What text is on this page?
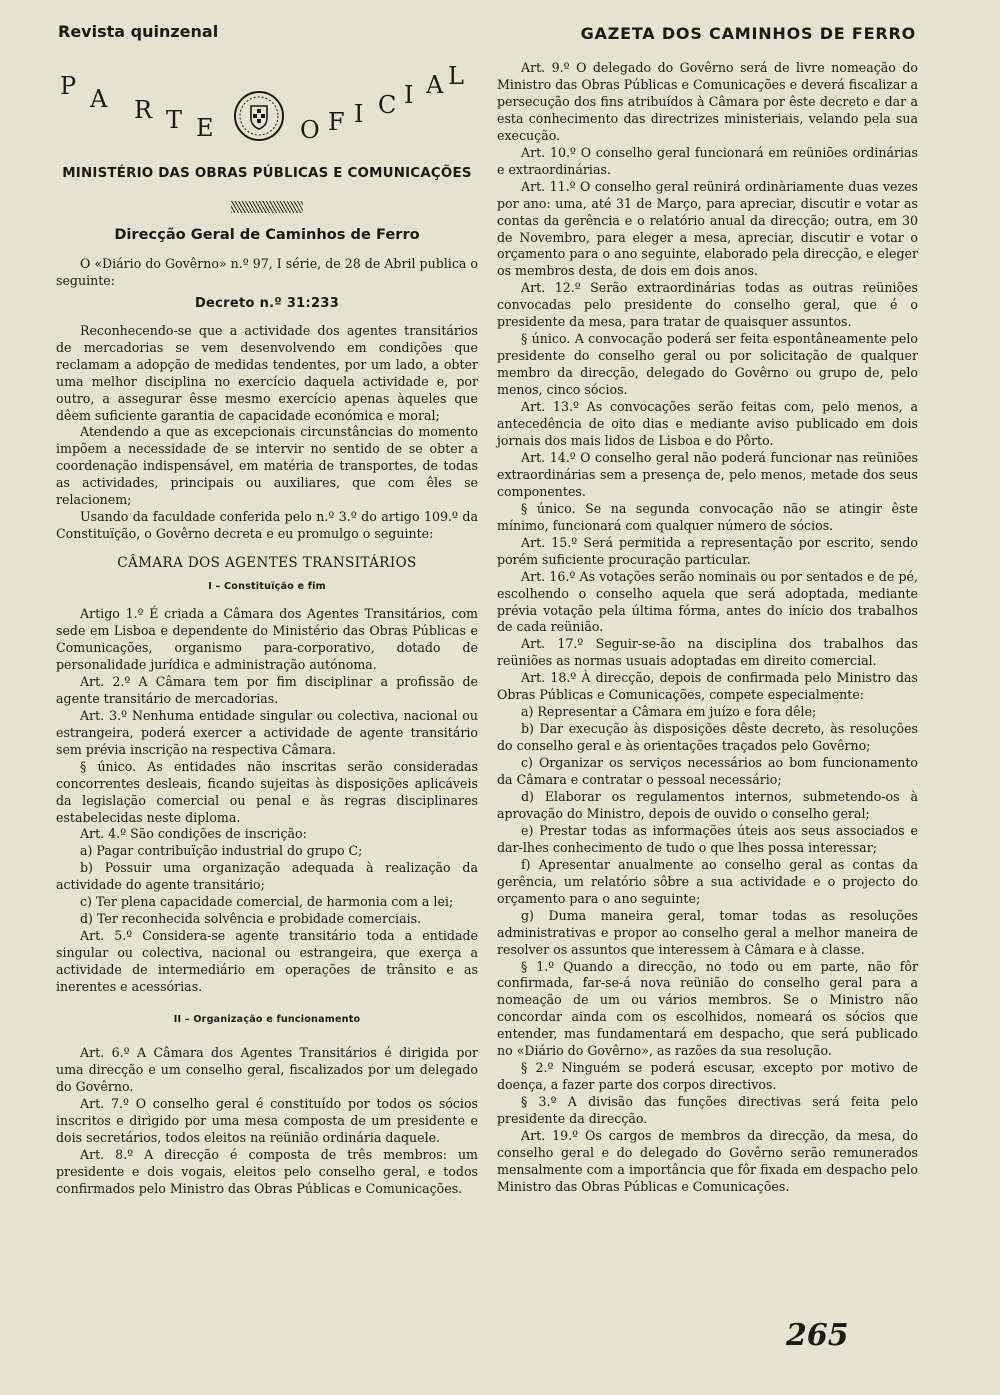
Revista quinzenal	GAZETA DOS CAMINHOS DE FERRO
P A R T E	O F I C I A L
MINISTÉRIO DAS OBRAS PÚBLICAS E COMUNICAÇÕES
Direcção Geral de Caminhos de Ferro

O «Diário do Govêrno» n.º 97, I série, de 28 de Abril publica o seguinte:

Decreto n.º 31:233

Reconhecendo-se que a actividade dos agentes transitários de mercadorias se vem desenvolvendo em condições que reclamam a adopção de medidas tendentes, por um lado, a obter uma melhor disciplina no exercício daquela actividade e, por outro, a assegurar êsse mesmo exercício apenas àqueles que dêem suficiente garantia de capacidade económica e moral;

Atendendo a que as excepcionais circunstâncias do momento impõem a necessidade de se intervir no sentido de se obter a coordenação indispensável, em matéria de transportes, de todas as actividades, principais ou auxiliares, que com êles se relacionem;

Usando da faculdade conferida pelo n.º 3.º do artigo 109.º da Constituïção, o Govêrno decreta e eu promulgo o seguinte:

CÂMARA DOS AGENTES TRANSITÁRIOS
I – Constituïção e fim

Artigo 1.º É criada a Câmara dos Agentes Transitários, com sede em Lisboa e dependente do Ministério das Obras Públicas e Comunicações, organismo para-corporativo, dotado de personalidade jurídica e administração autónoma.

Art. 2.º A Câmara tem por fim disciplinar a profissão de agente transitário de mercadorias.

Art. 3.º Nenhuma entidade singular ou colectiva, nacional ou estrangeira, poderá exercer a actividade de agente transitário sem prévia inscrição na respectiva Câmara.

§ único. As entidades não inscritas serão consideradas concorrentes desleais, ficando sujeitas às disposições aplicáveis da legislação comercial ou penal e às regras disciplinares estabelecidas neste diploma.

Art. 4.º São condições de inscrição:

a) Pagar contribuïção industrial do grupo C;

b) Possuir uma organização adequada à realização da actividade do agente transitário;

c) Ter plena capacidade comercial, de harmonia com a lei;

d) Ter reconhecida solvência e probidade comerciais.

Art. 5.º Considera-se agente transitário toda a entidade singular ou colectiva, nacional ou estrangeira, que exerça a actividade de intermediário em operações de trânsito e as inerentes e acessórias.

II – Organização e funcionamento

Art. 6.º A Câmara dos Agentes Transitários é dirigida por uma direcção e um conselho geral, fiscalizados por um delegado do Govêrno.

Art. 7.º O conselho geral é constituído por todos os sócios inscritos e dirigido por uma mesa composta de um presidente e dois secretários, todos eleitos na reünião ordinária daquele.

Art. 8.º A direcção é composta de três membros: um presidente e dois vogais, eleitos pelo conselho geral, e todos confirmados pelo Ministro das Obras Públicas e Comunicações.

Art. 9.º O delegado do Govêrno será de livre nomeação do Ministro das Obras Públicas e Comunicações e deverá fiscalizar a persecução dos fins atribuídos à Câmara por êste decreto e dar a esta conhecimento das directrizes ministeriais, velando pela sua execução.

Art. 10.º O conselho geral funcionará em reüniões ordinárias e extraordinárias.

Art. 11.º O conselho geral reünirá ordinàriamente duas vezes por ano: uma, até 31 de Março, para apreciar, discutir e votar as contas da gerência e o relatório anual da direcção; outra, em 30 de Novembro, para eleger a mesa, apreciar, discutir e votar o orçamento para o ano seguinte, elaborado pela direcção, e eleger os membros desta, de dois em dois anos.

Art. 12.º Serão extraordinárias todas as outras reüniões convocadas pelo presidente do conselho geral, que é o presidente da mesa, para tratar de quaisquer assuntos.

§ único. A convocação poderá ser feita espontâneamente pelo presidente do conselho geral ou por solicitação de qualquer membro da direcção, delegado do Govêrno ou grupo de, pelo menos, cinco sócios.

Art. 13.º As convocações serão feitas com, pelo menos, a antecedência de oito dias e mediante aviso publicado em dois jornais dos mais lidos de Lisboa e do Pôrto.

Art. 14.º O conselho geral não poderá funcionar nas reüniões extraordinárias sem a presença de, pelo menos, metade dos seus componentes.

§ único. Se na segunda convocação não se atingir êste mínimo, funcionará com qualquer número de sócios.

Art. 15.º Será permitida a representação por escrito, sendo porém suficiente procuração particular.

Art. 16.º As votações serão nominais ou por sentados e de pé, escolhendo o conselho aquela que será adoptada, mediante prévia votação pela última fórma, antes do início dos trabalhos de cada reünião.

Art. 17.º Seguir-se-ão na disciplina dos trabalhos das reüniões as normas usuais adoptadas em direito comercial.

Art. 18.º À direcção, depois de confirmada pelo Ministro das Obras Públicas e Comunicações, compete especialmente:

a) Representar a Câmara em juízo e fora dêle;

b) Dar execução às disposições dêste decreto, às resoluções do conselho geral e às orientações traçados pelo Govêrno;

c) Organizar os serviços necessários ao bom funcionamento da Câmara e contratar o pessoal necessário;

d) Elaborar os regulamentos internos, submetendo-os à aprovação do Ministro, depois de ouvido o conselho geral;

e) Prestar todas as informações úteis aos seus associados e dar-lhes conhecimento de tudo o que lhes possa interessar;

f) Apresentar anualmente ao conselho geral as contas da gerência, um relatório sôbre a sua actividade e o projecto do orçamento para o ano seguinte;

g) Duma maneira geral, tomar todas as resoluções administrativas e propor ao conselho geral a melhor maneira de resolver os assuntos que interessem à Câmara e à classe.

§ 1.º Quando a direcção, no todo ou em parte, não fôr confirmada, far-se-á nova reünião do conselho geral para a nomeação de um ou vários membros. Se o Ministro não concordar ainda com os escolhidos, nomeará os sócios que entender, mas fundamentará em despacho, que será publicado no «Diário do Govêrno», as razões da sua resolução.

§ 2.º Ninguém se poderá escusar, excepto por motivo de doença, a fazer parte dos corpos directivos.

§ 3.º A divisão das funções directivas será feita pelo presidente da direcção.

Art. 19.º Os cargos de membros da direcção, da mesa, do conselho geral e do delegado do Govêrno serão remunerados mensalmente com a importância que fôr fixada em despacho pelo Ministro das Obras Públicas e Comunicações.

265
